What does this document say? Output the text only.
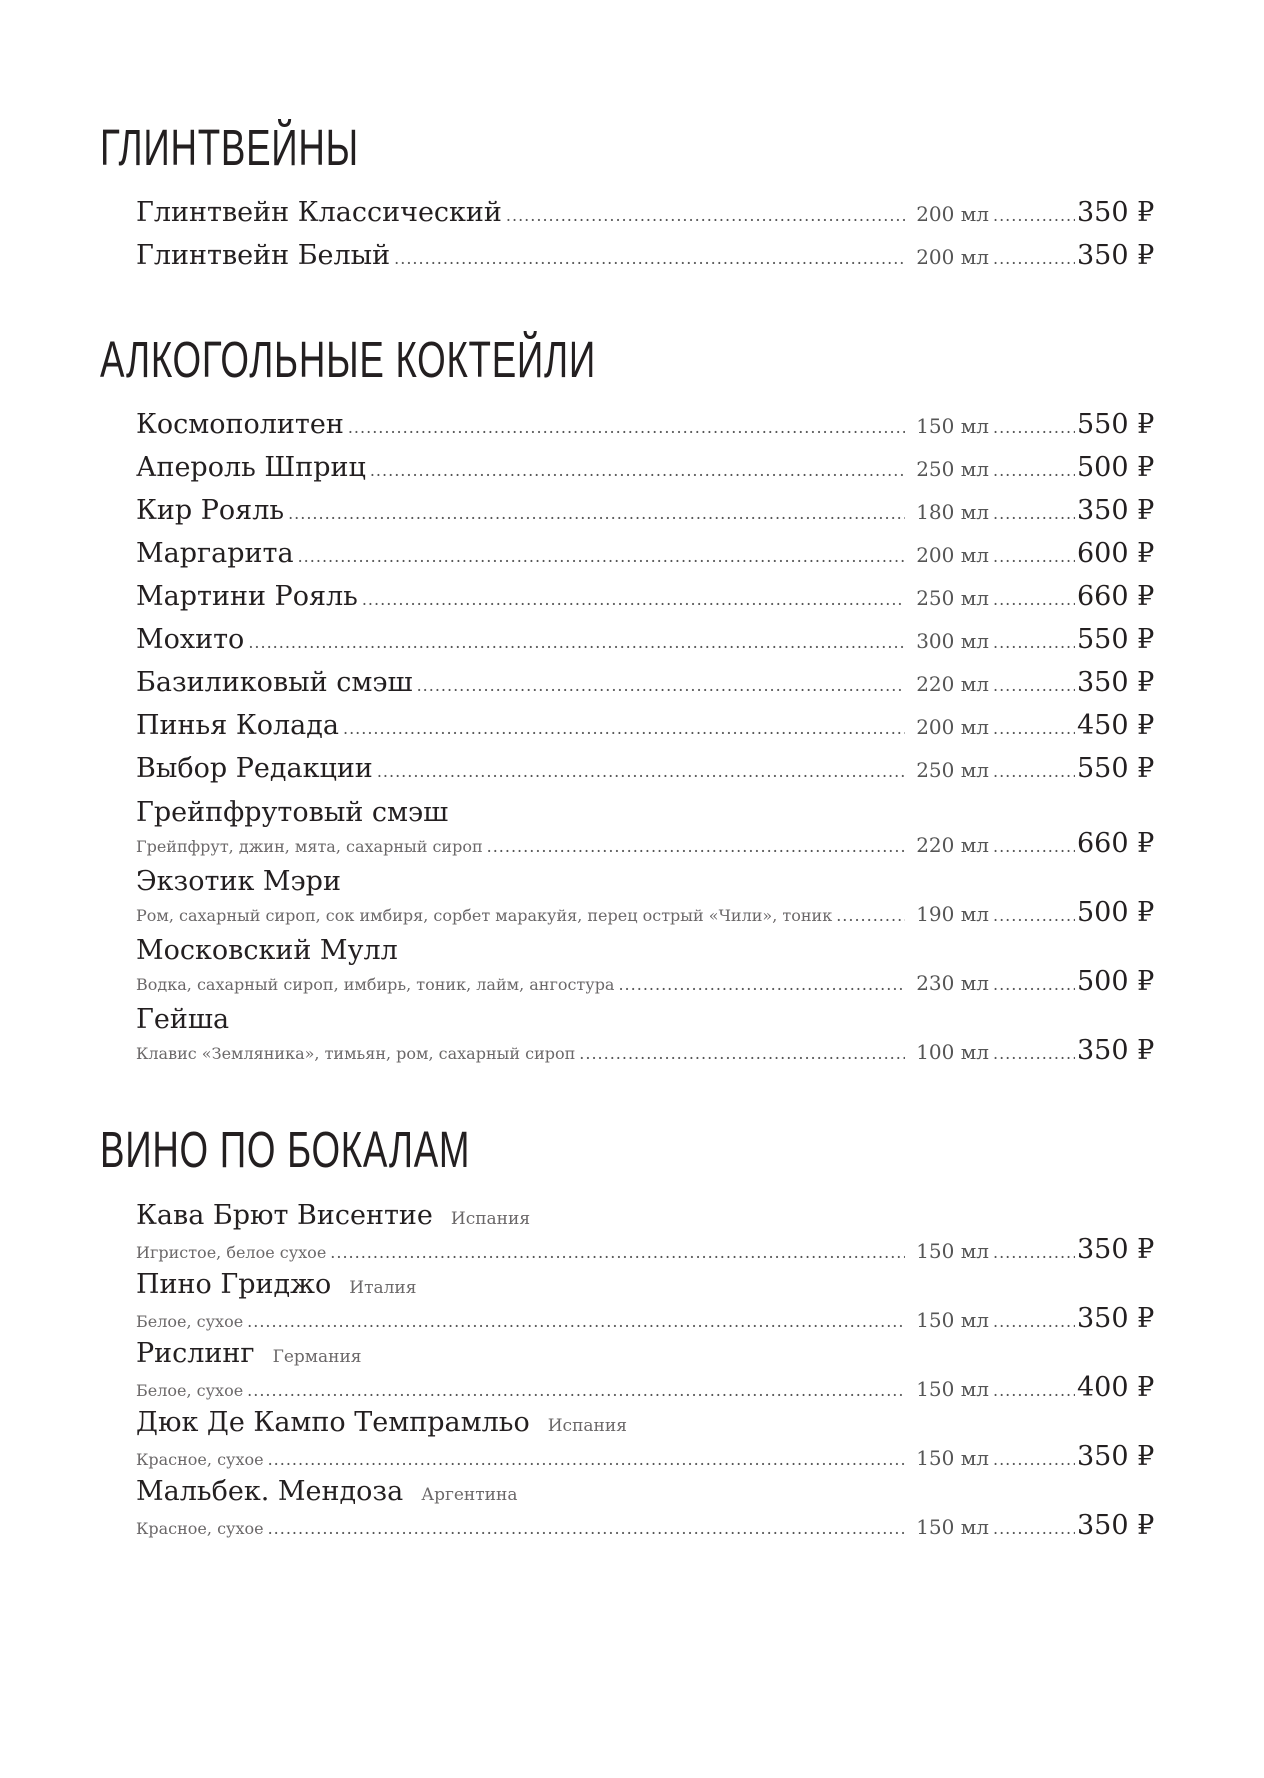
ГЛИНТВЕЙНЫ
Глинтвейн Классический .....	200 мл .....	350 ₽
Глинтвейн Белый .....	200 мл .....	350 ₽
АЛКОГОЛЬНЫЕ КОКТЕЙЛИ
Космополитен .....	150 мл .....	550 ₽
Апероль Шприц .....	250 мл .....	500 ₽
Кир Рояль .....	180 мл .....	350 ₽
Маргарита .....	200 мл .....	600 ₽
Мартини Рояль .....	250 мл .....	660 ₽
Мохито .....	300 мл .....	550 ₽
Базиликовый смэш .....	220 мл .....	350 ₽
Пинья Колада .....	200 мл .....	450 ₽
Выбор Редакции .....	250 мл .....	550 ₽
Грейпфрутовый смэш
Грейпфрут, джин, мята, сахарный сироп .....	220 мл .....	660 ₽
Экзотик Мэри
Ром, сахарный сироп, сок имбиря, сорбет маракуйя, перец острый «Чили», тоник .....	190 мл .....	500 ₽
Московский Мулл
Водка, сахарный сироп, имбирь, тоник, лайм, ангостура .....	230 мл .....	500 ₽
Гейша
Клавис «Земляника», тимьян, ром, сахарный сироп .....	100 мл .....	350 ₽
ВИНО ПО БОКАЛАМ
Кава Брют Висентие Испания
Игристое, белое сухое .....	150 мл .....	350 ₽
Пино Гриджо Италия
Белое, сухое .....	150 мл .....	350 ₽
Рислинг Германия
Белое, сухое .....	150 мл .....	400 ₽
Дюк Де Кампо Темпрамльо Испания
Красное, сухое .....	150 мл .....	350 ₽
Мальбек. Мендоза Аргентина
Красное, сухое .....	150 мл .....	350 ₽
